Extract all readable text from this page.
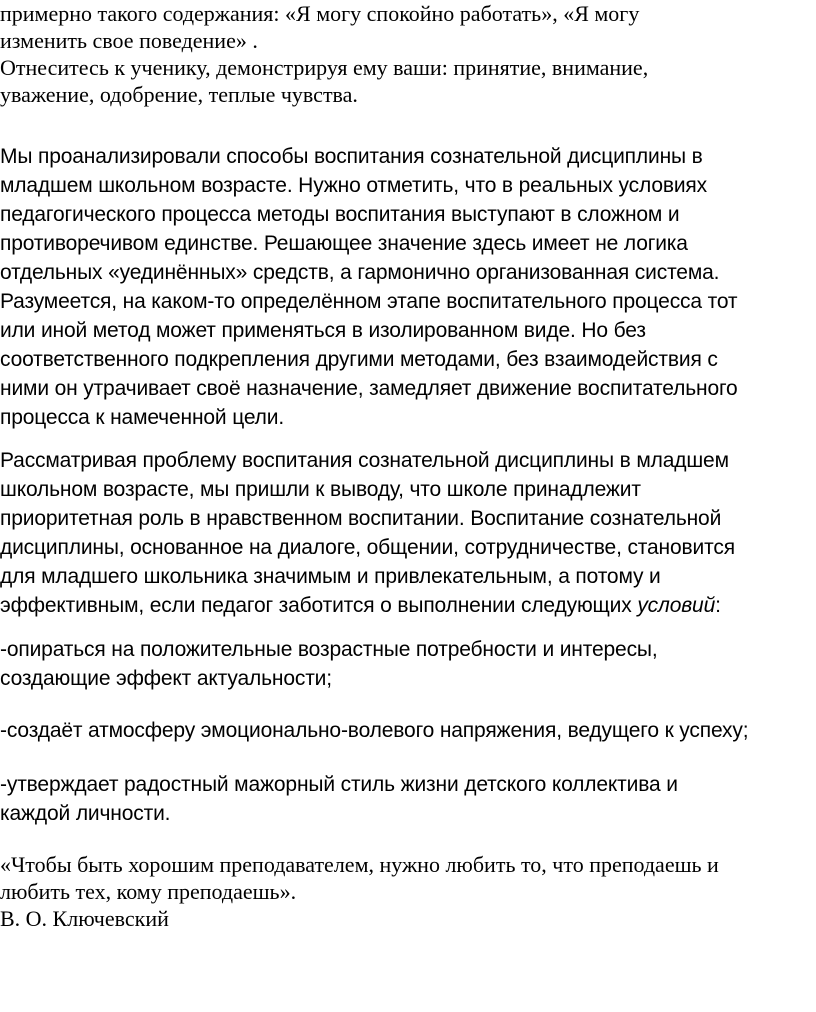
примерно такого содержания: «Я могу спокойно работать», «Я могу
изменить свое поведение» .
Отнеситесь к ученику, демонстрируя ему ваши: принятие, внимание,
уважение, одобрение, теплые чувства.

Мы проанализировали способы воспитания сознательной дисциплины в
младшем школьном возрасте. Нужно отметить, что в реальных условиях
педагогического процесса методы воспитания выступают в сложном и
противоречивом единстве. Решающее значение здесь имеет не логика
отдельных «уединённых» средств, а гармонично организованная система.
Разумеется, на каком-то определённом этапе воспитательного процесса тот
или иной метод может применяться в изолированном виде. Но без
соответственного подкрепления другими методами, без взаимодействия с
ними он утрачивает своё назначение, замедляет движение воспитательного
процесса к намеченной цели.

Рассматривая проблему воспитания сознательной дисциплины в младшем
школьном возрасте, мы пришли к выводу, что школе принадлежит
приоритетная роль в нравственном воспитании. Воспитание сознательной
дисциплины, основанное на диалоге, общении, сотрудничестве, становится
для младшего школьника значимым и привлекательным, а потому и
эффективным, если педагог заботится о выполнении следующих условий:

-опираться на положительные возрастные потребности и интересы,
создающие эффект актуальности;

-создаёт атмосферу эмоционально-волевого напряжения, ведущего к успеху;

-утверждает радостный мажорный стиль жизни детского коллектива и
каждой личности.

«Чтобы быть хорошим преподавателем, нужно любить то, что преподаешь и
любить тех, кому преподаешь».
В. О. Ключевский
